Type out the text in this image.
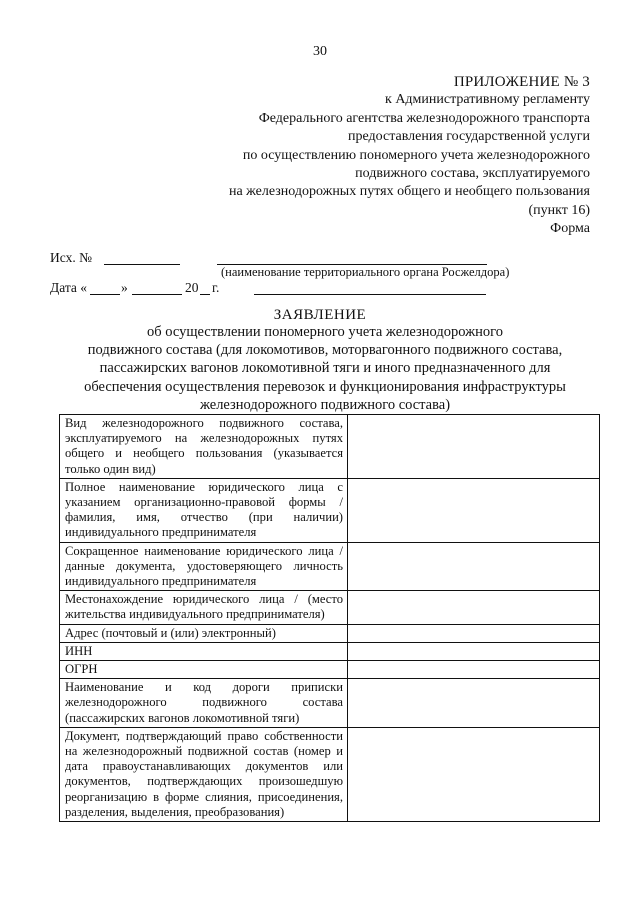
30
ПРИЛОЖЕНИЕ № 3
к Административному регламенту
Федерального агентства железнодорожного транспорта
предоставления государственной услуги
по осуществлению пономерного учета железнодорожного
подвижного состава, эксплуатируемого
на железнодорожных путях общего и необщего пользования
(пункт 16)
Форма
Исх. №
(наименование территориального органа Росжелдора)
Дата «	»	20 г.
ЗАЯВЛЕНИЕ
об осуществлении пономерного учета железнодорожного
подвижного состава (для локомотивов, моторвагонного подвижного состава,
пассажирских вагонов локомотивной тяги и иного предназначенного для
обеспечения осуществления перевозок и функционирования инфраструктуры
железнодорожного подвижного состава)
Вид железнодорожного подвижного состава, эксплуатируемого на железнодорожных путях общего и необщего пользования (указывается только один вид)	
Полное наименование юридического лица с указанием организационно-правовой формы / фамилия, имя, отчество (при наличии) индивидуального предпринимателя	
Сокращенное наименование юридического лица /данные документа, удостоверяющего личность индивидуального предпринимателя	
Местонахождение юридического лица / (место жительства индивидуального предпринимателя)	
Адрес (почтовый и (или) электронный)	
ИНН	
ОГРН	
Наименование и код дороги приписки железнодорожного подвижного состава (пассажирских вагонов локомотивной тяги)	
Документ, подтверждающий право собственности на железнодорожный подвижной состав (номер и дата правоустанавливающих документов или документов, подтверждающих произошедшую реорганизацию в форме слияния, присоединения, разделения, выделения, преобразования)	
